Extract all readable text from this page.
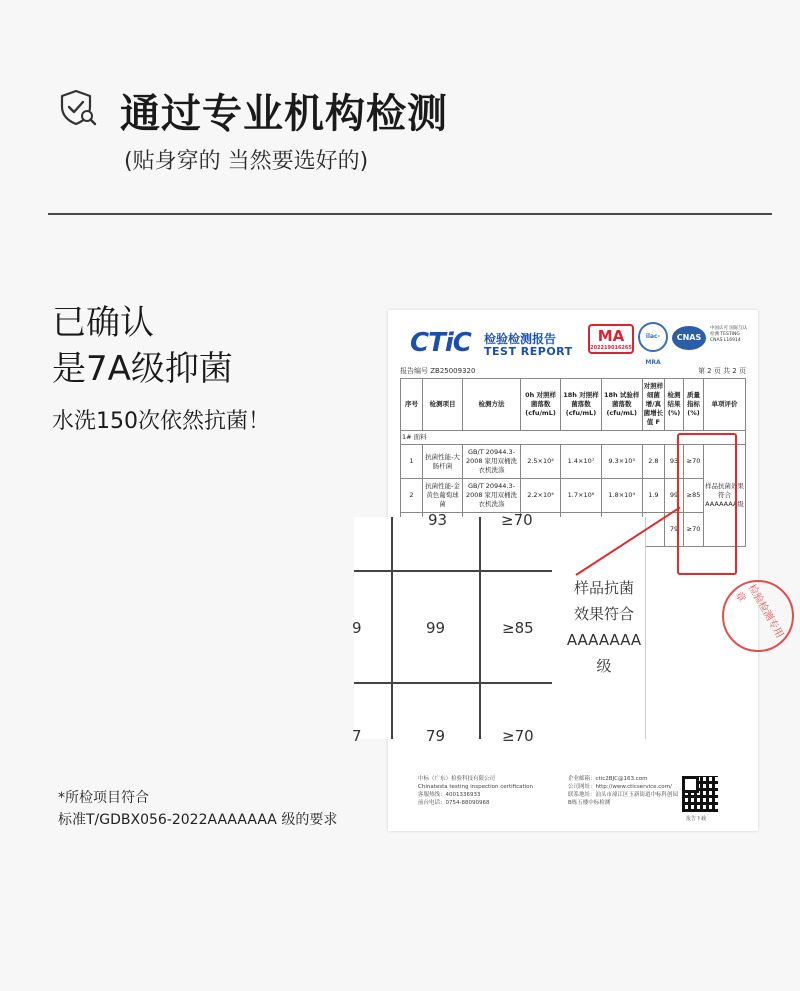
通过专业机构检测
(贴身穿的 当然要选好的)
已确认
是7A级抑菌
水洗150次依然抗菌！
*所检项目符合
标准T/GDBX056-2022AAAAAAA 级的要求
CTiC 检验检测报告
TEST REPORT
MA
202219016265
ilac-MRA
CNAS
中国认可 国际互认 检测 TESTING CNAS L16914
报告编号 ZB25009320	第 2 页 共 2 页
序号	检测项目	检测方法	0h 对照样菌落数(cfu/mL)	18h 对照样菌落数(cfu/mL)	18h 试验样菌落数(cfu/mL)	对照样细菌增/真菌增长值 F	检测结果(%)	质量指标(%)	单项评价
1# 面料									
1	抗菌性能-大肠杆菌	GB/T 20944.3-2008 家用双桶洗衣机洗涤	2.5×10⁴	1.4×10⁷	9.3×10⁵	2.8	93	≥70	样品抗菌效果符合AAAAAAA级
2	抗菌性能-金黄色葡萄球菌	GB/T 20944.3-2008 家用双桶洗衣机洗涤	2.2×10⁴	1.7×10⁶	1.8×10⁴	1.9	99	≥85	
							79	≥70	
检验检测专用章
中标（广东）检验科技有限公司
Chinatesta testing inspection certification
客服热线：4001336933
前台电话：0754-88090968
企业邮箱：ctic2BJC@163.com
公司网址：http://www.cticservice.com/
联系地址：汕头市濠江区玉新街道中标科创园
B栋五楼中标检测
报告下载
93	≥70
9	99	≥85
7	79	≥70
样品抗菌
效果符合
AAAAAAA
级
